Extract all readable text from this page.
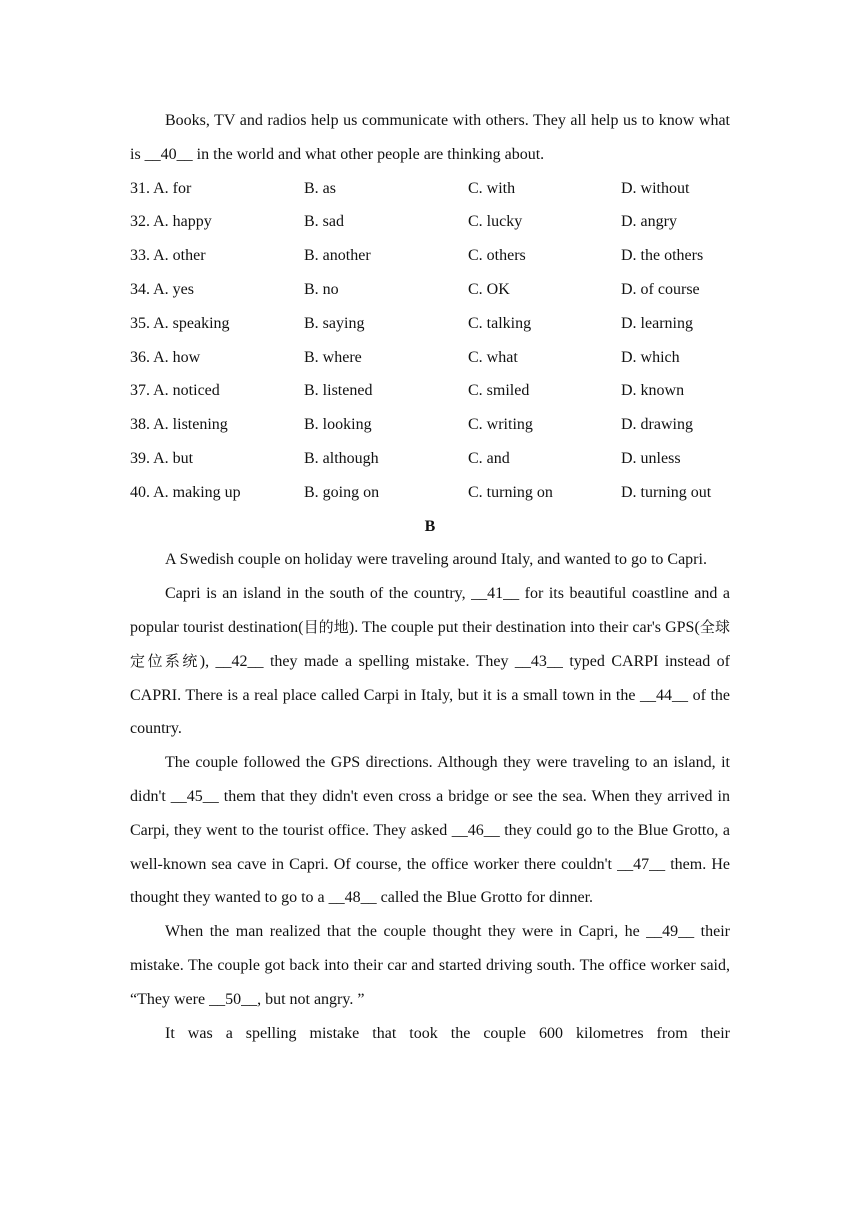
Books, TV and radios help us communicate with others. They all help us to know what is __40__ in the world and what other people are thinking about.

31. A. for	B. as	C. with	D. without
32. A. happy	B. sad	C. lucky	D. angry
33. A. other	B. another	C. others	D. the others
34. A. yes	B. no	C. OK	D. of course
35. A. speaking	B. saying	C. talking	D. learning
36. A. how	B. where	C. what	D. which
37. A. noticed	B. listened	C. smiled	D. known
38. A. listening	B. looking	C. writing	D. drawing
39. A. but	B. although	C. and	D. unless
40. A. making up	B. going on	C. turning on	D. turning out
B

A Swedish couple on holiday were traveling around Italy, and wanted to go to Capri.

Capri is an island in the south of the country, __41__ for its beautiful coastline and a popular tourist destination(目的地). The couple put their destination into their car's GPS(全球定位系统), __42__ they made a spelling mistake. They __43__ typed CARPI instead of CAPRI. There is a real place called Carpi in Italy, but it is a small town in the __44__ of the country.

The couple followed the GPS directions. Although they were traveling to an island, it didn't __45__ them that they didn't even cross a bridge or see the sea. When they arrived in Carpi, they went to the tourist office. They asked __46__ they could go to the Blue Grotto, a well-known sea cave in Capri. Of course, the office worker there couldn't __47__ them. He thought they wanted to go to a __48__ called the Blue Grotto for dinner.

When the man realized that the couple thought they were in Capri, he __49__ their mistake. The couple got back into their car and started driving south. The office worker said, “They were __50__, but not angry. ”

It was a spelling mistake that took the couple 600 kilometres from their
